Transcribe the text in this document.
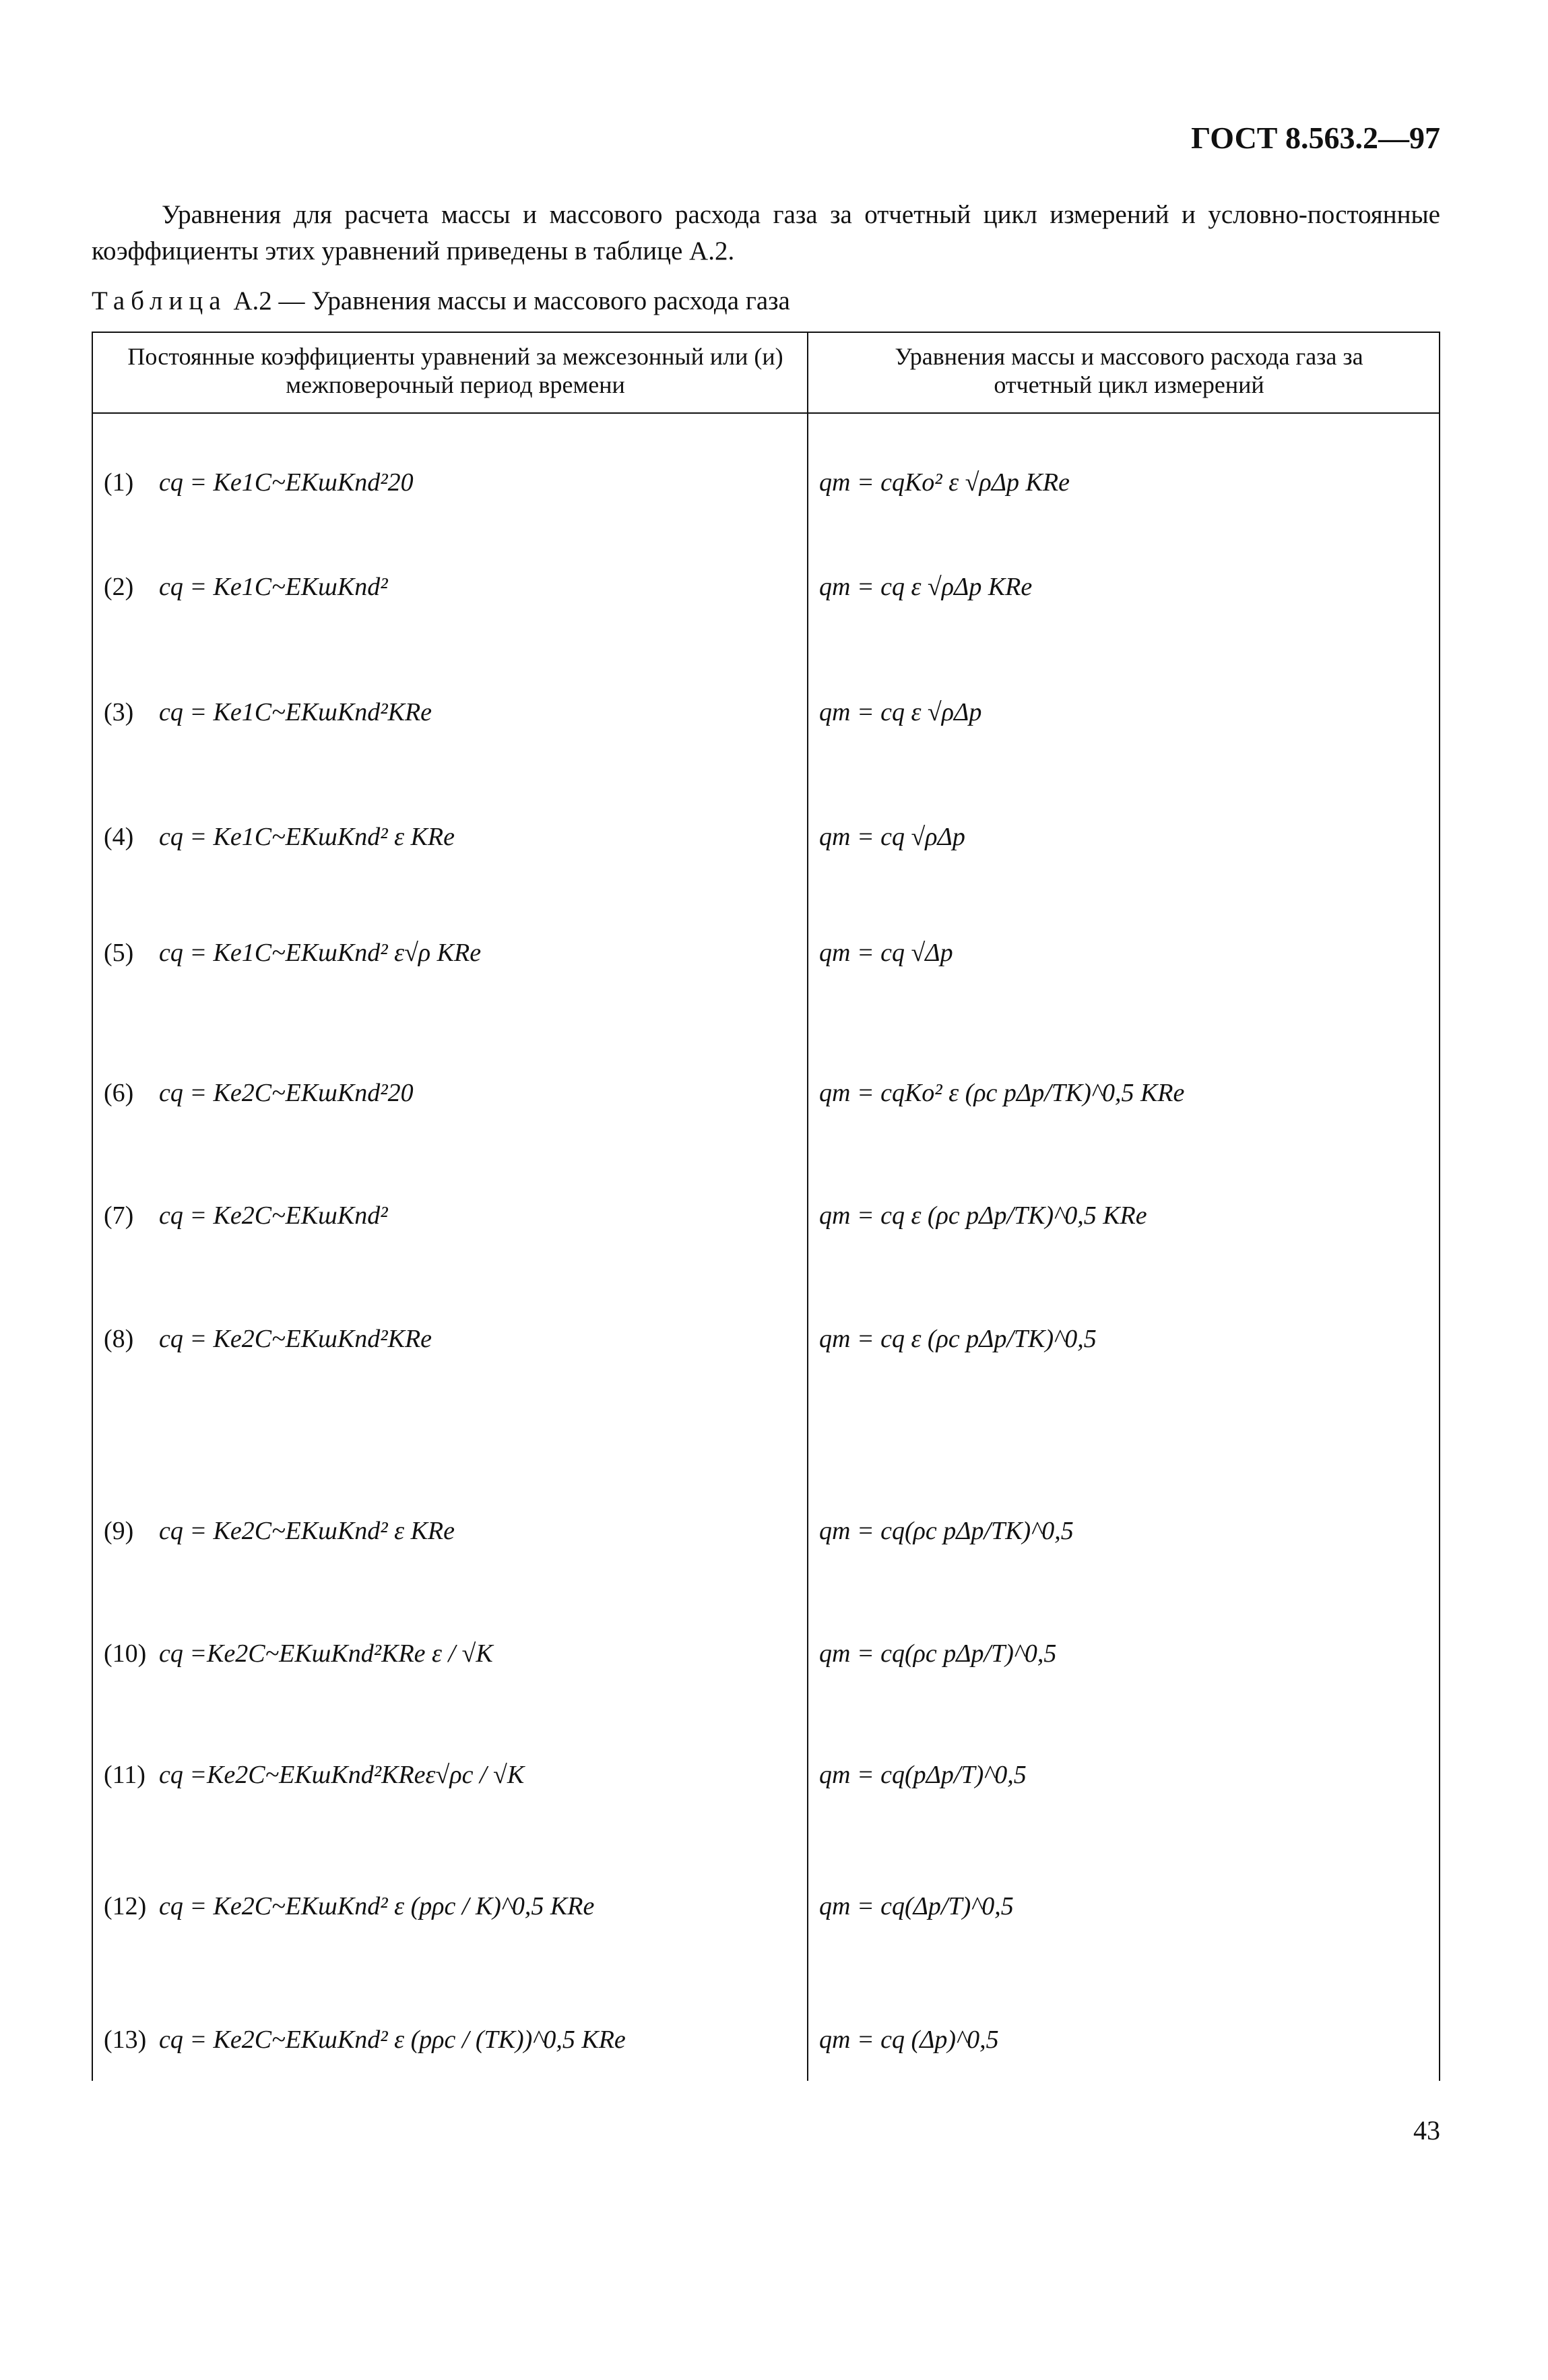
ГОСТ 8.563.2—97

Уравнения для расчета массы и массового расхода газа за отчетный цикл измерений и условно-постоянные коэффициенты этих уравнений приведены в таблице А.2.

Таблица А.2 — Уравнения массы и массового расхода газа
Постоянные коэффициенты уравнений за межсезонный или (и) межповерочный период времени
Уравнения массы и массового расхода газа за отчетный цикл измерений
(1) cq = Ke1C~EKшKпd²20	qm = cqKo² ε √ρΔp KRe
(2) cq = Ke1C~EKшKпd²	qm = cq ε √ρΔp KRe
(3) cq = Ke1C~EKшKпd²KRe	qm = cq ε √ρΔp
(4) cq = Ke1C~EKшKпd² ε KRe	qm = cq √ρΔp
(5) cq = Ke1C~EKшKпd² ε√ρ KRe	qm = cq √Δp
(6) cq = Ke2C~EKшKпd²20	qm = cqKo² ε (ρc pΔp/TK)^0,5 KRe
(7) cq = Ke2C~EKшKпd²	qm = cq ε (ρc pΔp/TK)^0,5 KRe
(8) cq = Ke2C~EKшKпd²KRe	qm = cq ε (ρc pΔp/TK)^0,5
(9) cq = Ke2C~EKшKпd² ε KRe	qm = cq(ρc pΔp/TK)^0,5
(10) cq =Ke2C~EKшKпd²KRe ε / √K	qm = cq(ρc pΔp/T)^0,5
(11) cq =Ke2C~EKшKпd²KReε√ρc / √K	qm = cq(pΔp/T)^0,5
(12) cq = Ke2C~EKшKпd² ε (pρc / K)^0,5 KRe	qm = cq(Δp/T)^0,5
(13) cq = Ke2C~EKшKпd² ε (pρc / (TK))^0,5 KRe	qm = cq (Δp)^0,5
43
